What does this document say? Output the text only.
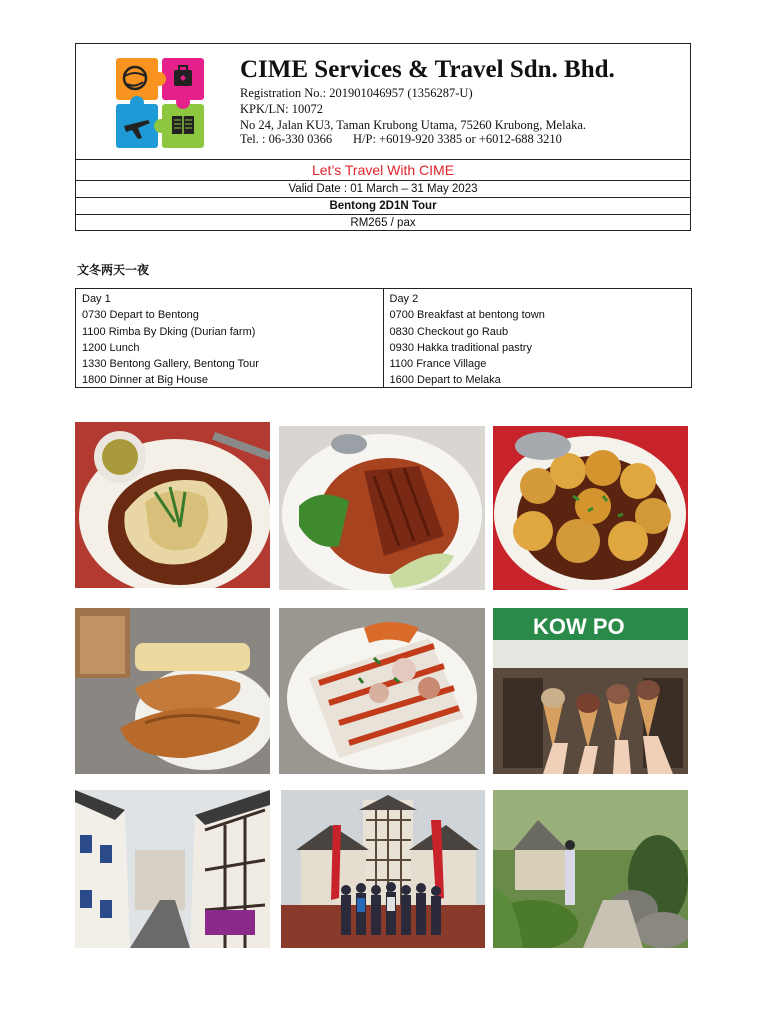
CIME Services & Travel Sdn. Bhd.
Registration No.: 201901046957 (1356287-U)
KPK/LN: 10072
No 24, Jalan KU3, Taman Krubong Utama, 75260 Krubong, Melaka.
Tel. : 06-330 0366 H/P: +6019-920 3385 or +6012-688 3210
Let’s Travel With CIME
Valid Date : 01 March – 31 May 2023
Bentong 2D1N Tour
RM265 / pax
文冬两天一夜
Day 1
0730 Depart to Bentong
1100 Rimba By Dking (Durian farm)
1200 Lunch
1330 Bentong Gallery, Bentong Tour
1800 Dinner at Big House
Day 2
0700 Breakfast at bentong town
0830 Checkout go Raub
0930 Hakka traditional pastry
1100 France Village
1600 Depart to Melaka
KOW PO
